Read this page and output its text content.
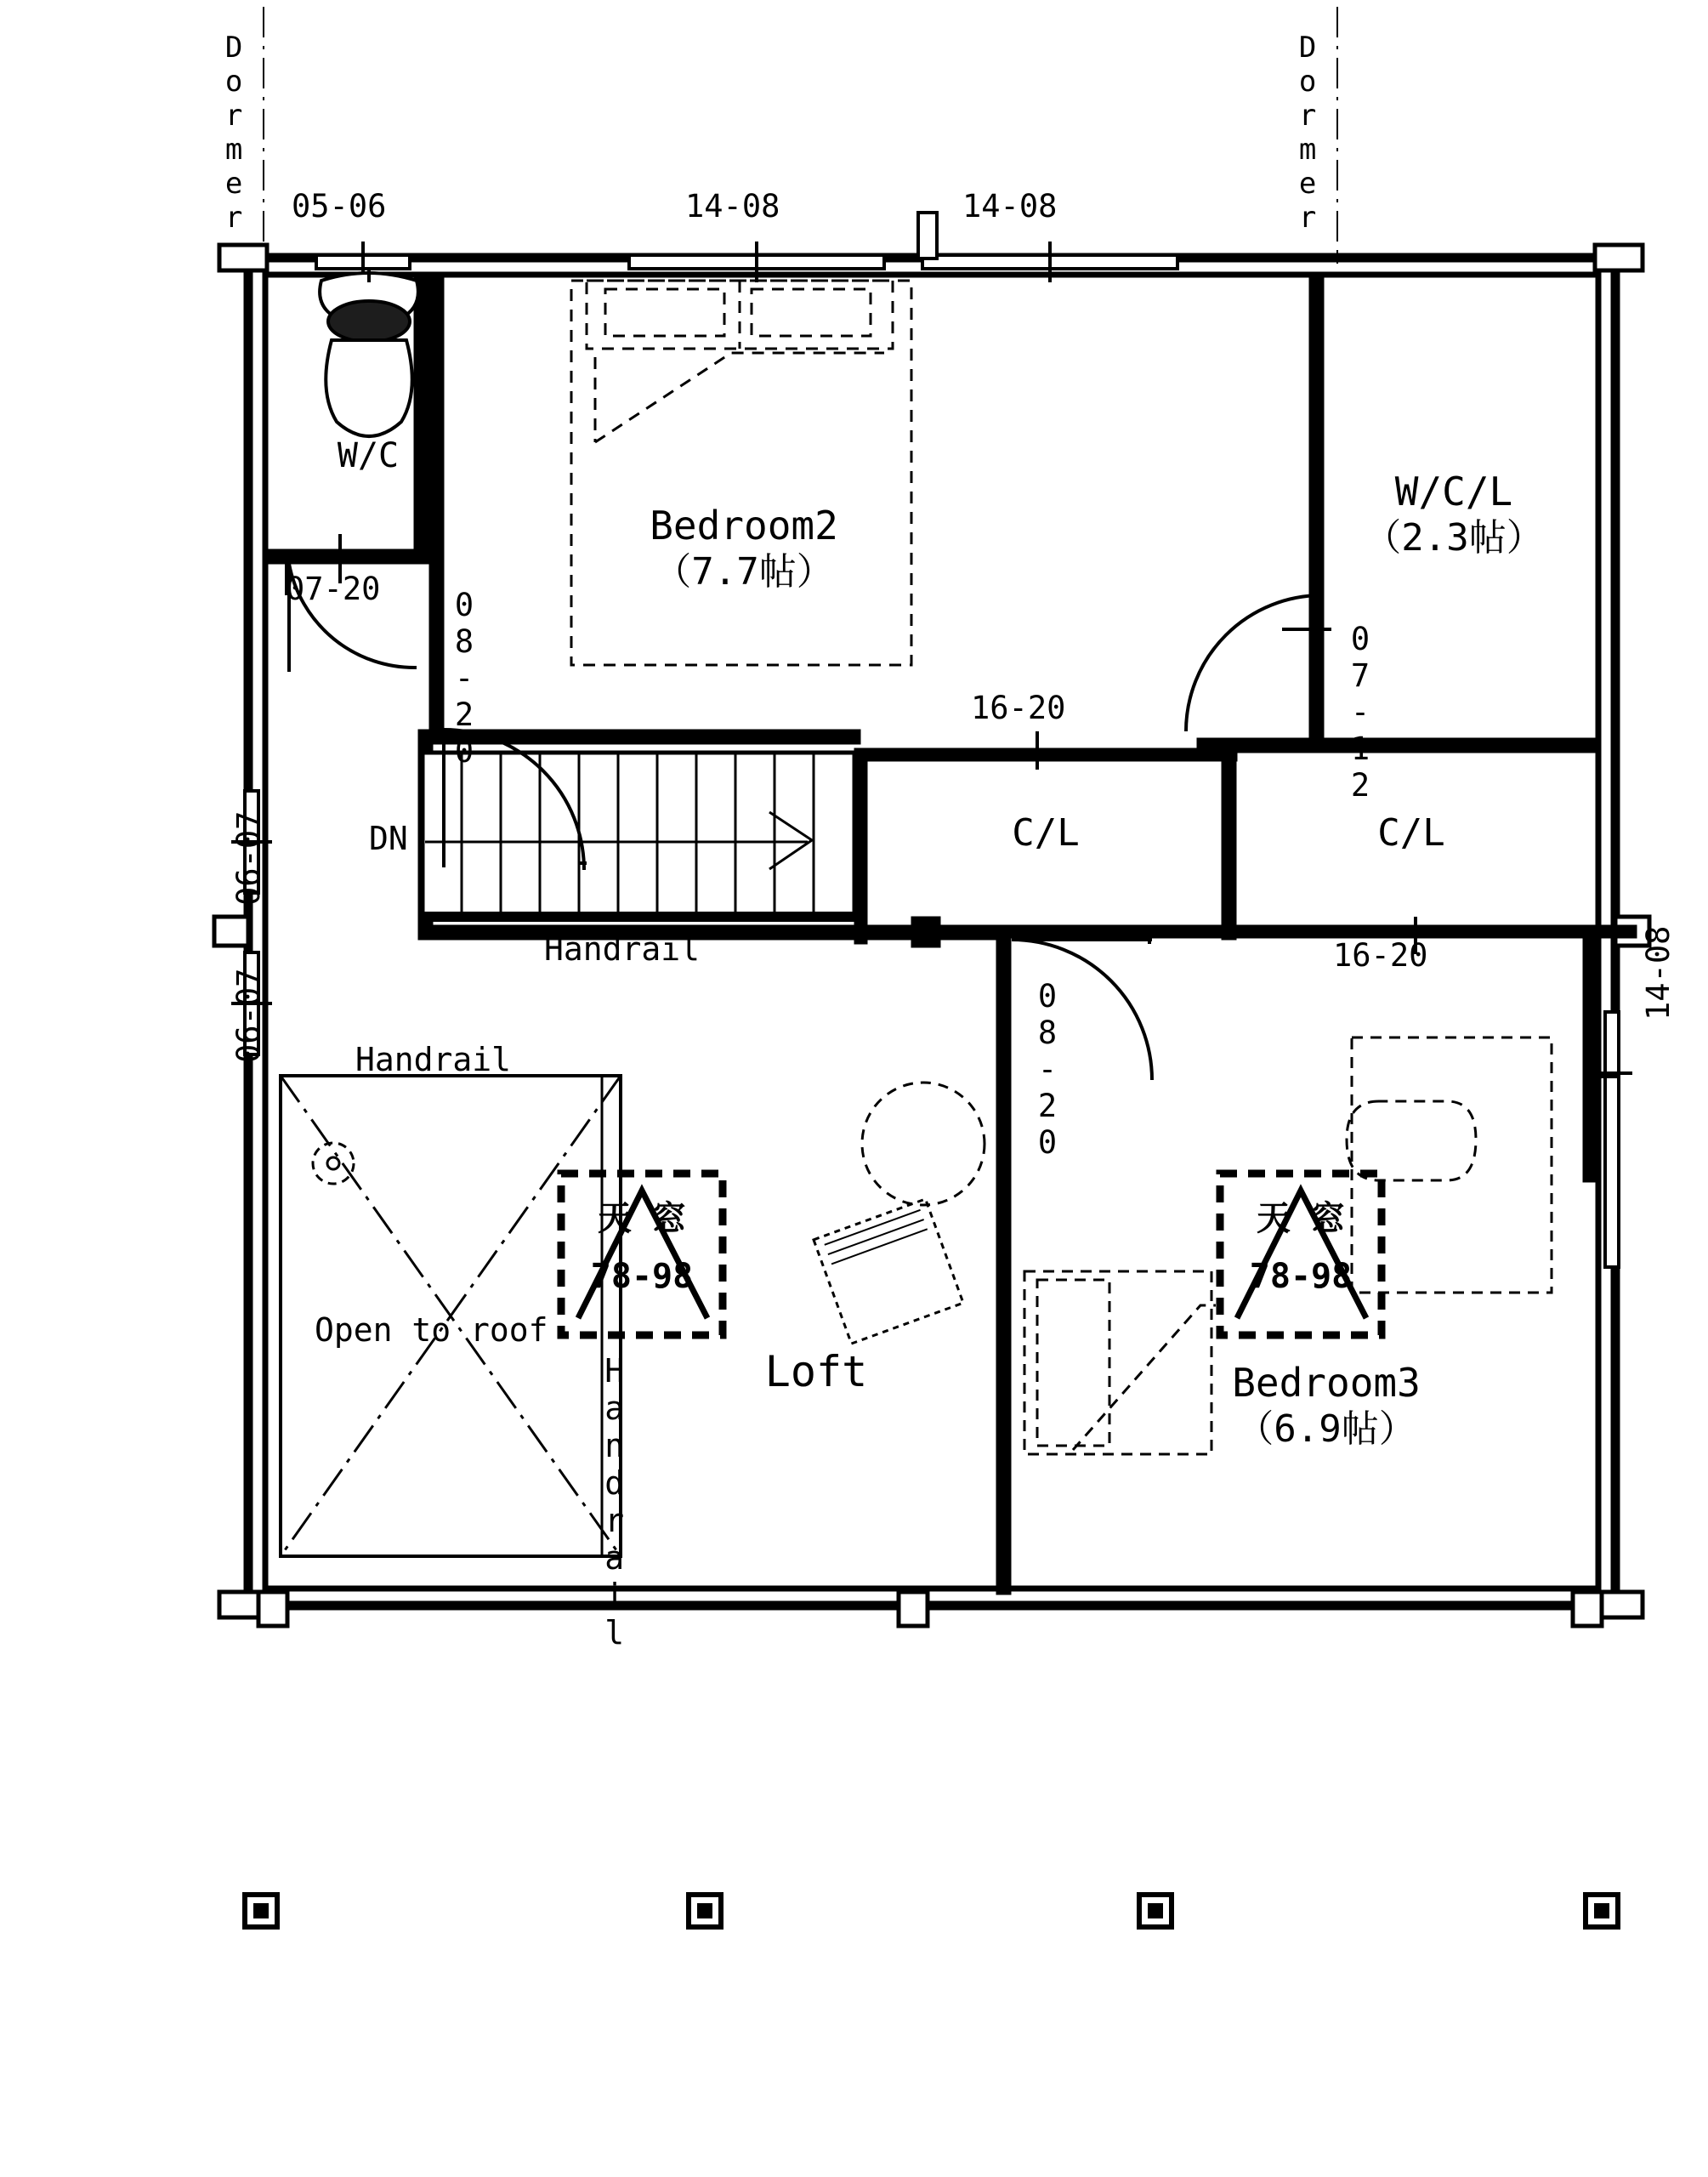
Dormer	Dormer
05-06	14-08	14-08
W/C
07-20 08-20
Bedroom2
（7.7帖）
W/C/L
（2.3帖）
07-12
16-20
16-20
C/L	C/L
DN
Handrail
06-07
06-07	08-20
14-08
Handrail
Handrail
Open to roof
天 窓
78-98
天 窓
78-98
Loft	Bedroom3
（6.9帖）
